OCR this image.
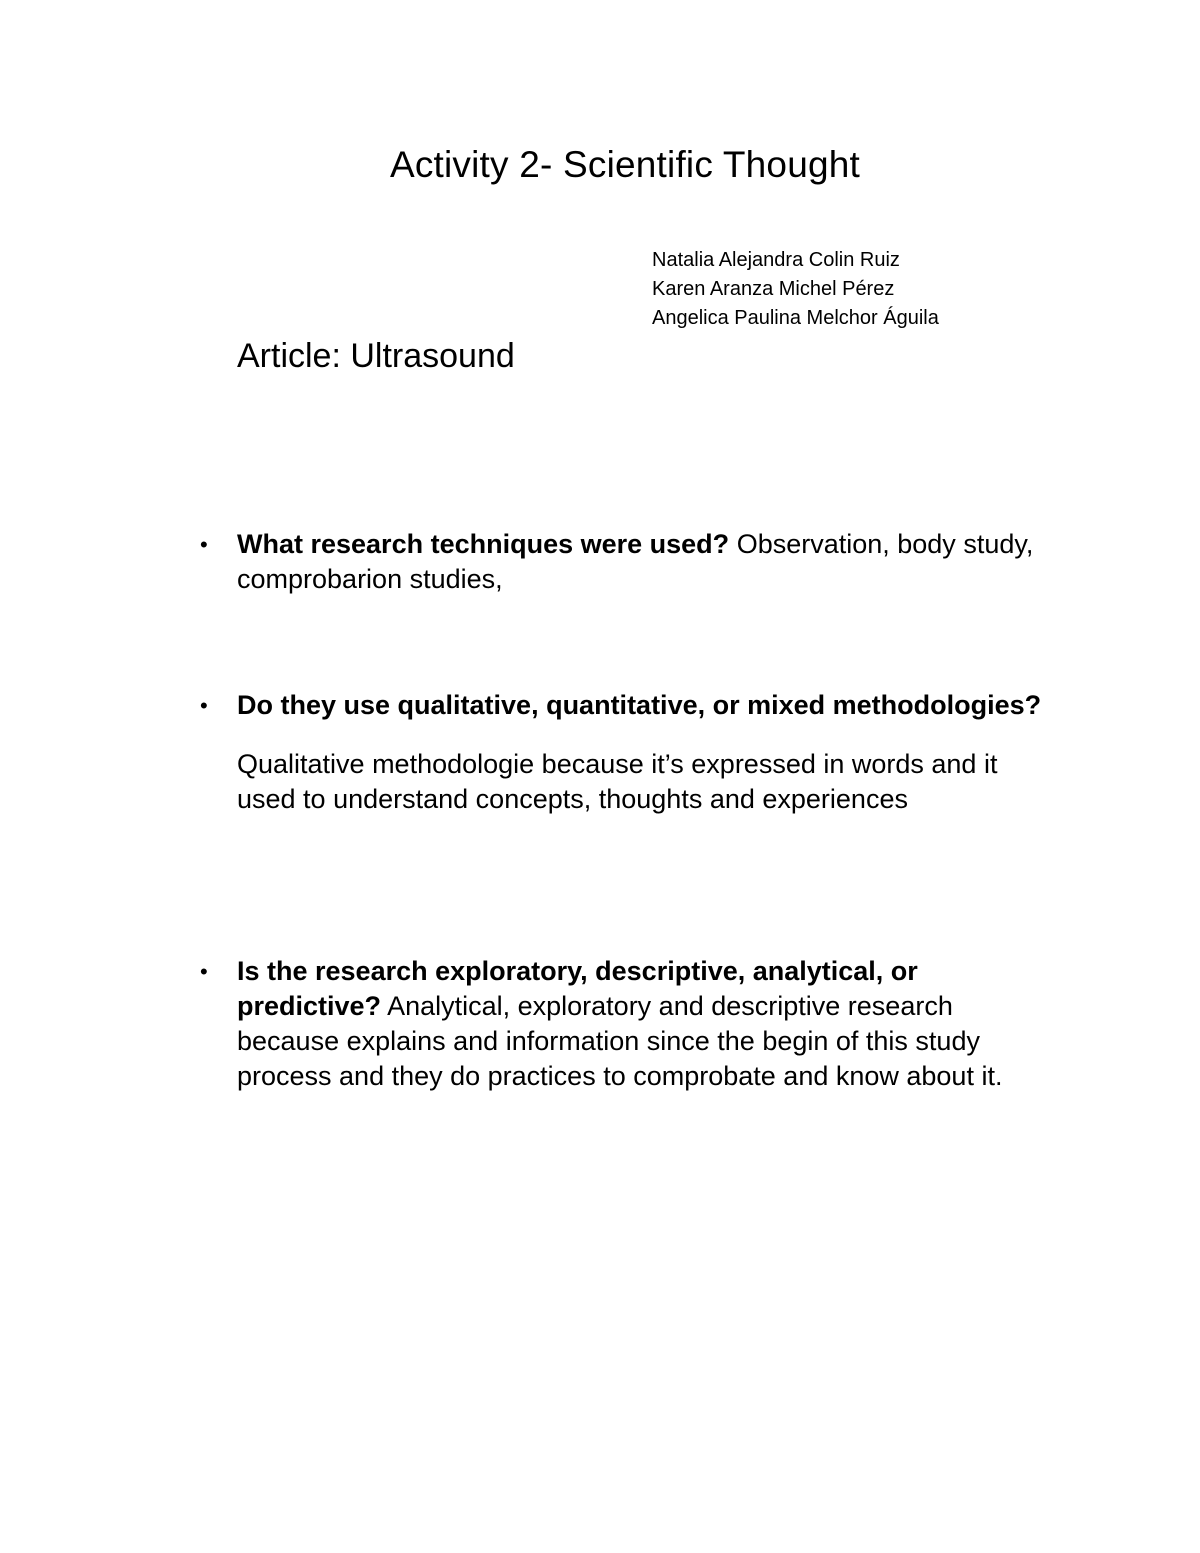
Activity 2- Scientific Thought
Natalia Alejandra Colin Ruiz
Karen Aranza Michel Pérez
Angelica Paulina Melchor Águila
Article: Ultrasound
• What research techniques were used? Observation, body study, comprobarion studies,
• Do they use qualitative, quantitative, or mixed methodologies?
Qualitative methodologie because it’s expressed in words and it used to understand concepts, thoughts and experiences
• Is the research exploratory, descriptive, analytical, or predictive? Analytical, exploratory and descriptive research because explains and information since the begin of this study process and they do practices to comprobate and know about it.
